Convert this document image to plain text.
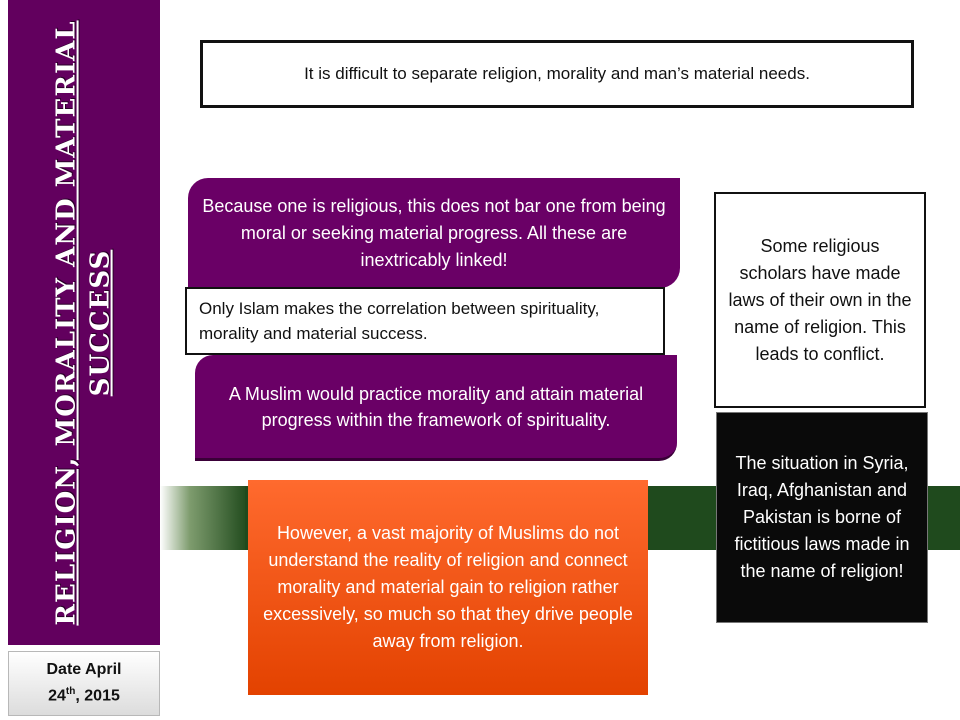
RELIGION, MORALITY AND MATERIAL SUCCESS
Date April
24th, 2015
It is difficult to separate religion, morality and man’s material needs.
Because one is religious, this does not bar one from being moral or seeking material progress. All these are inextricably linked!
Only Islam makes the correlation between spirituality, morality and material success.
A Muslim would practice morality and attain material progress within the framework of spirituality.
Some religious scholars have made laws of their own in the name of religion. This leads to conflict.
The situation in Syria, Iraq, Afghanistan and Pakistan is borne of fictitious laws made in the name of religion!
However, a vast majority of Muslims do not understand the reality of religion and connect morality and material gain to religion rather excessively, so much so that they drive people away from religion.
